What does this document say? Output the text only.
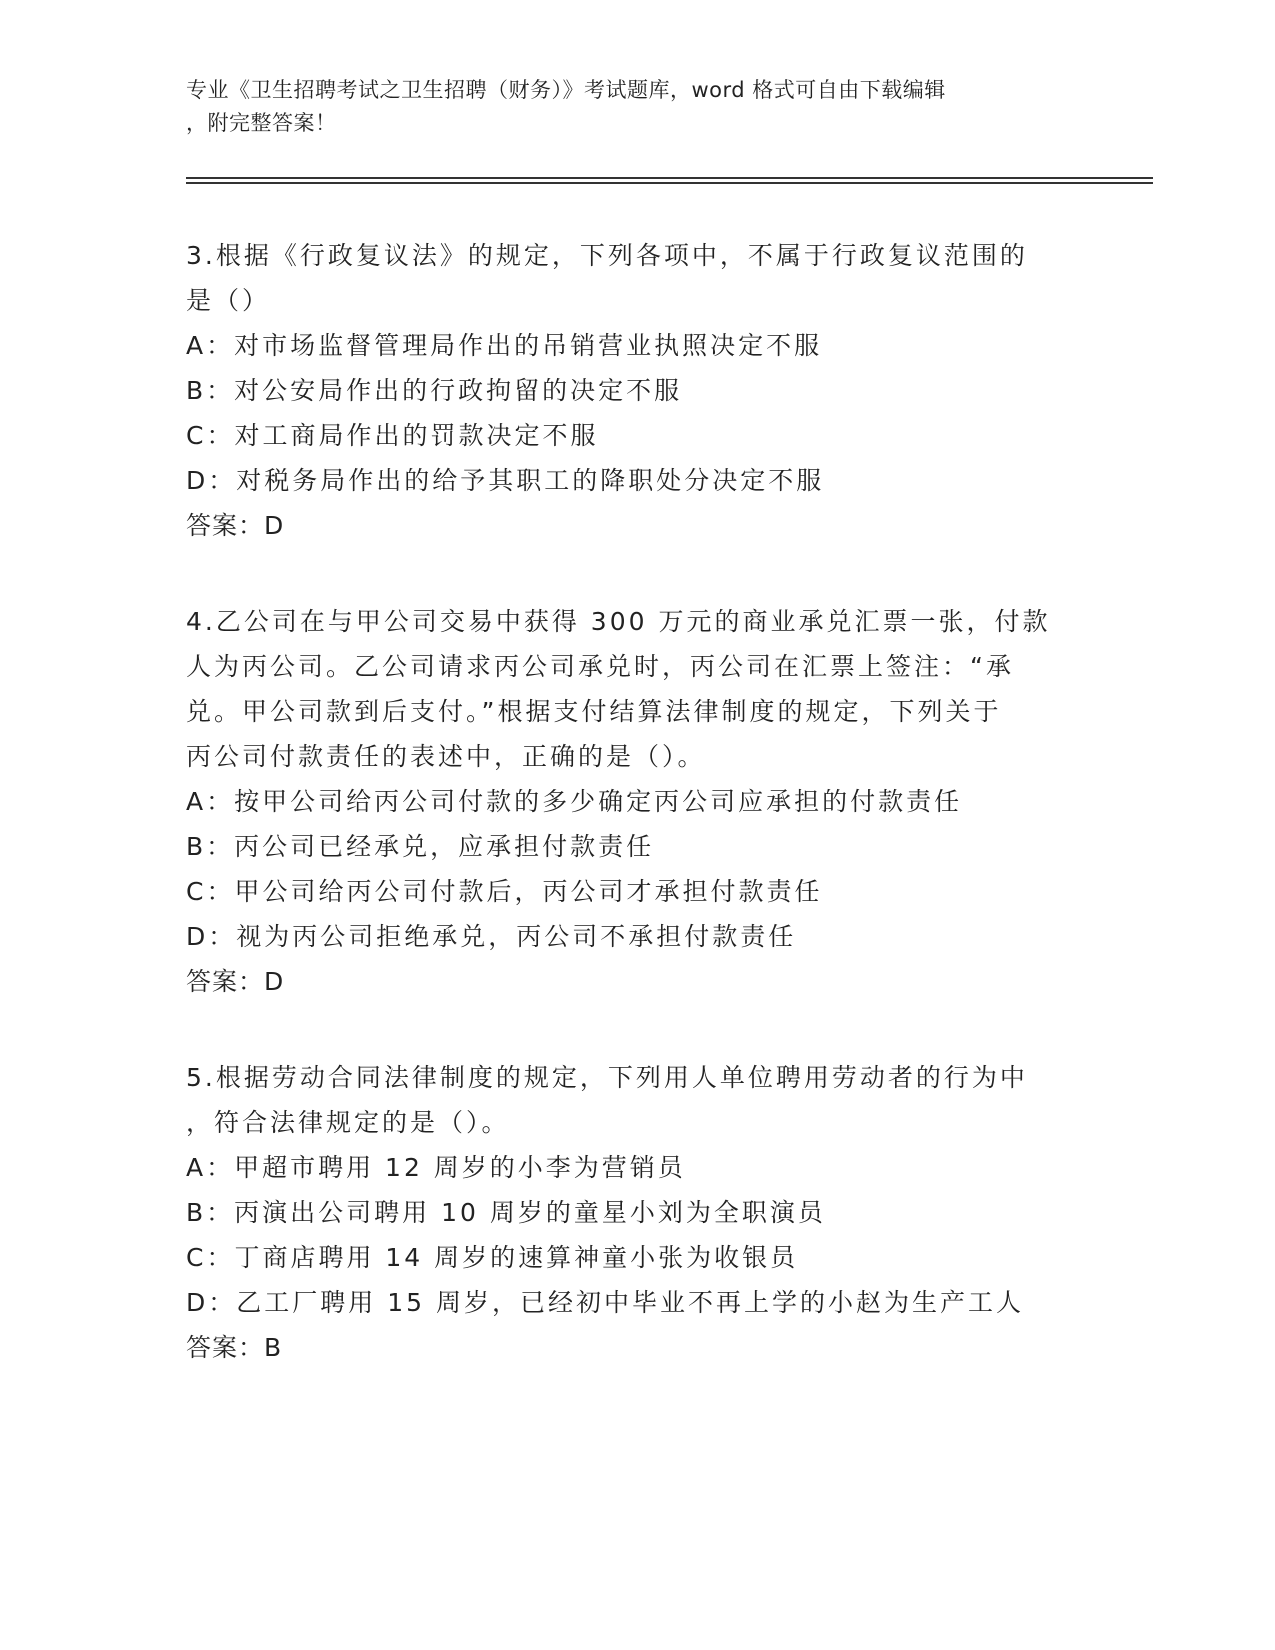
专业《卫生招聘考试之卫生招聘（财务）》考试题库，word 格式可自由下载编辑
，附完整答案！
3.根据《行政复议法》的规定，下列各项中，不属于行政复议范围的
是（）
A：对市场监督管理局作出的吊销营业执照决定不服
B：对公安局作出的行政拘留的决定不服
C：对工商局作出的罚款决定不服
D：对税务局作出的给予其职工的降职处分决定不服
答案：D
4.乙公司在与甲公司交易中获得 300 万元的商业承兑汇票一张，付款
人为丙公司。乙公司请求丙公司承兑时，丙公司在汇票上签注：“承
兑。甲公司款到后支付。”根据支付结算法律制度的规定，下列关于
丙公司付款责任的表述中，正确的是（）。
A：按甲公司给丙公司付款的多少确定丙公司应承担的付款责任
B：丙公司已经承兑，应承担付款责任
C：甲公司给丙公司付款后，丙公司才承担付款责任
D：视为丙公司拒绝承兑，丙公司不承担付款责任
答案：D
5.根据劳动合同法律制度的规定，下列用人单位聘用劳动者的行为中
，符合法律规定的是（）。
A：甲超市聘用 12 周岁的小李为营销员
B：丙演出公司聘用 10 周岁的童星小刘为全职演员
C：丁商店聘用 14 周岁的速算神童小张为收银员
D：乙工厂聘用 15 周岁，已经初中毕业不再上学的小赵为生产工人
答案：B
